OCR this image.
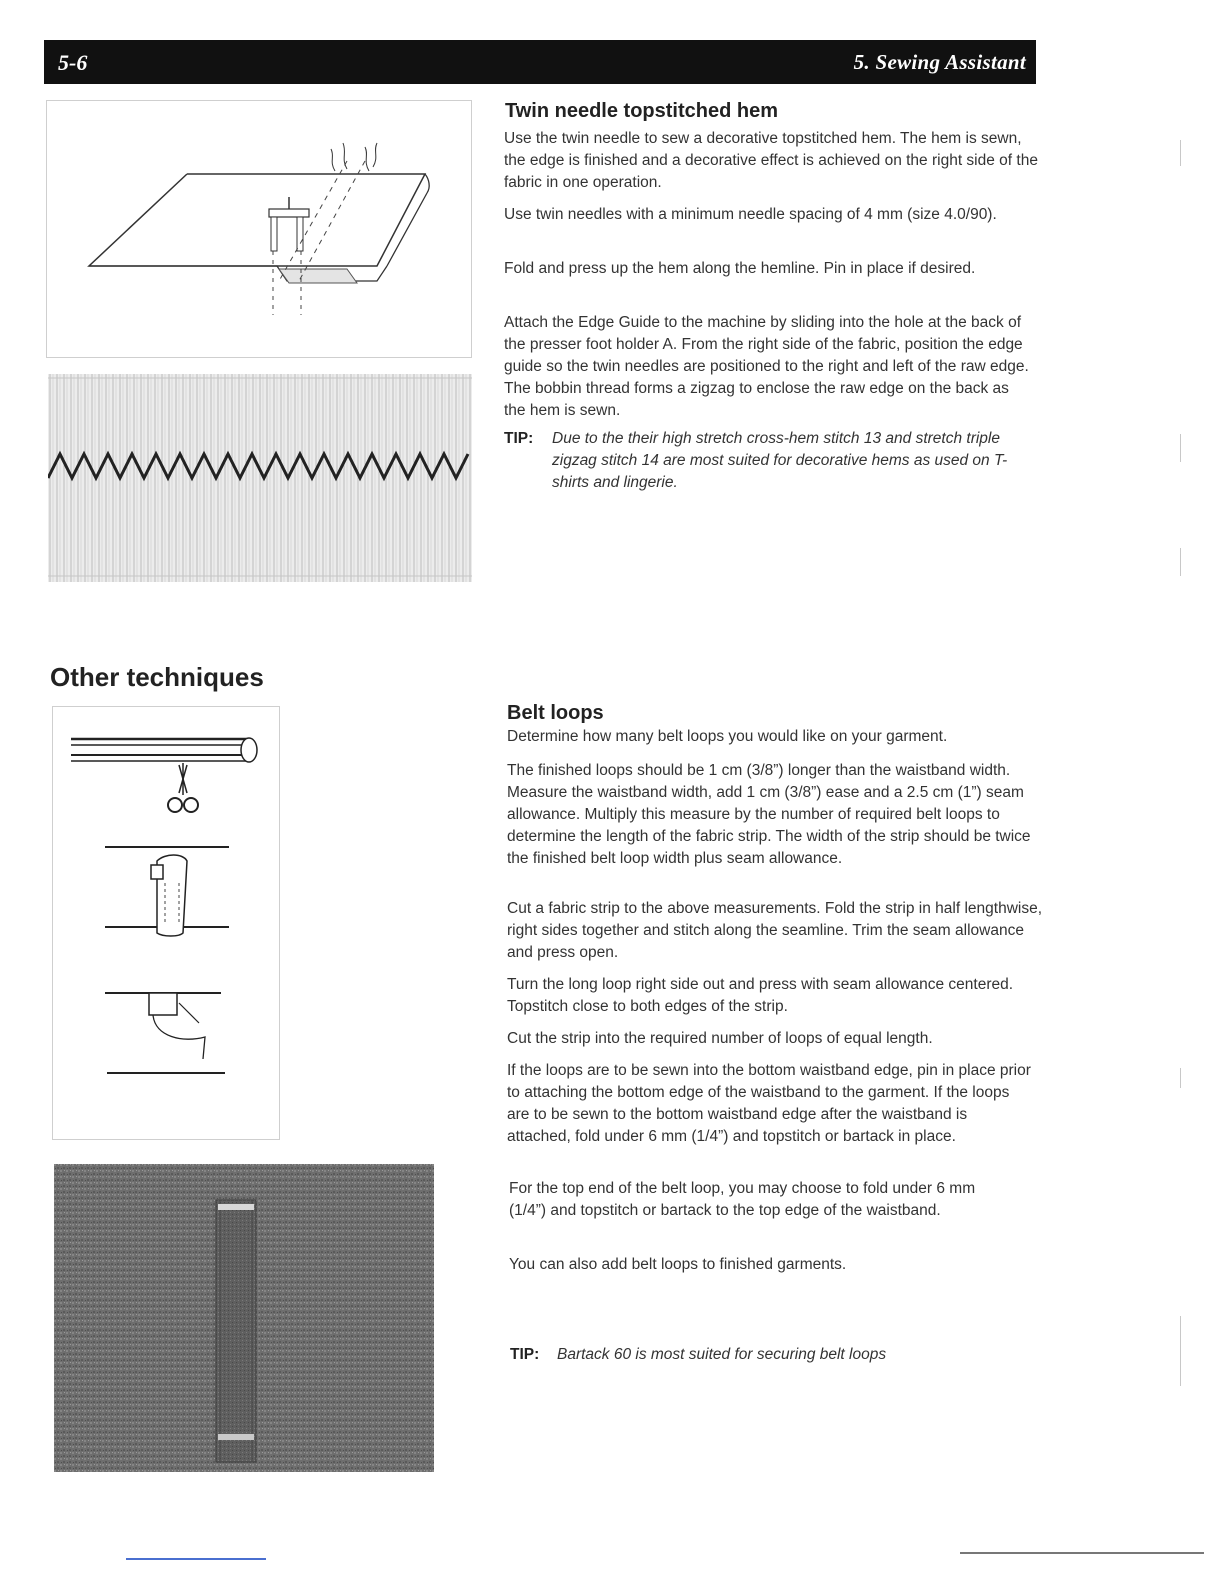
5-6	5. Sewing Assistant
Twin needle topstitched hem

Use the twin needle to sew a decorative topstitched hem. The hem is sewn, the edge is finished and a decorative effect is achieved on the right side of the fabric in one operation.

Use twin needles with a minimum needle spacing of 4 mm (size 4.0/90).

Fold and press up the hem along the hemline. Pin in place if desired.

Attach the Edge Guide to the machine by sliding into the hole at the back of the presser foot holder A. From the right side of the fabric, position the edge guide so the twin needles are positioned to the right and left of the raw edge. The bobbin thread forms a zigzag to enclose the raw edge on the back as the hem is sewn.

TIP: Due to the their high stretch cross-hem stitch 13 and stretch triple zigzag stitch 14 are most suited for decorative hems as used on T-shirts and lingerie.

Other techniques
Belt loops

Determine how many belt loops you would like on your garment.

The finished loops should be 1 cm (3/8”) longer than the waistband width. Measure the waistband width, add 1 cm (3/8”) ease and a 2.5 cm (1”) seam allowance. Multiply this measure by the number of required belt loops to determine the length of the fabric strip. The width of the strip should be twice the finished belt loop width plus seam allowance.

Cut a fabric strip to the above measurements. Fold the strip in half lengthwise, right sides together and stitch along the seamline. Trim the seam allowance and press open.

Turn the long loop right side out and press with seam allowance centered. Topstitch close to both edges of the strip.

Cut the strip into the required number of loops of equal length.

If the loops are to be sewn into the bottom waistband edge, pin in place prior to attaching the bottom edge of the waistband to the garment. If the loops are to be sewn to the bottom waistband edge after the waistband is attached, fold under 6 mm (1/4”) and topstitch or bartack in place.

For the top end of the belt loop, you may choose to fold under 6 mm (1/4”) and topstitch or bartack to the top edge of the waistband.

You can also add belt loops to finished garments.

TIP: Bartack 60 is most suited for securing belt loops
